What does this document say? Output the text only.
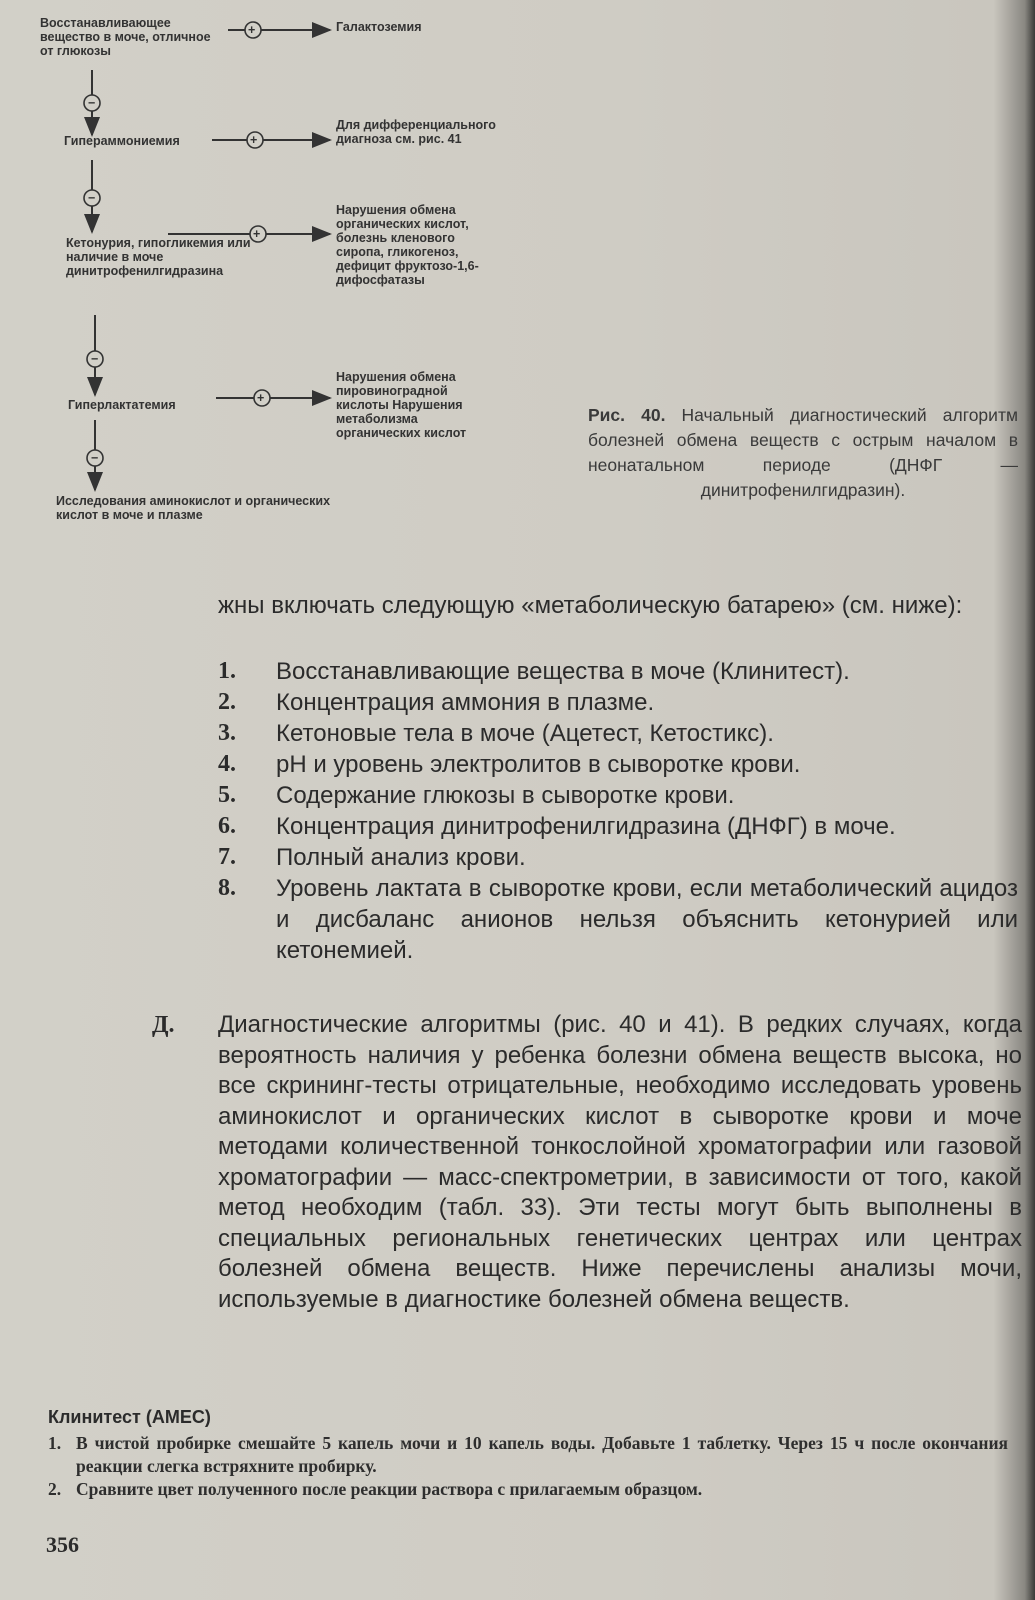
+
+
+
+
−
−
−
−
Восстанавливающее вещество в моче, отличное от глюкозы
Гипераммониемия
Кетонурия, гипогликемия или наличие в моче динитрофенилгидразина
Гиперлактатемия
Исследования аминокислот и органических кислот в моче и плазме
Галактоземия
Для дифференциального диагноза см. рис. 41
Нарушения обмена органических кислот, болезнь кленового сиропа, гликогеноз, дефицит фруктозо-1,6-дифосфатазы
Нарушения обмена пировиноградной кислоты Нарушения метаболизма органических кислот
Рис. 40. Начальный диагностический алгоритм болезней обмена веществ с острым началом в неонатальном периоде (ДНФГ — динитрофенилгидразин).
жны включать следующую «метаболическую батарею» (см. ниже):
1. Восстанавливающие вещества в моче (Клинитест).
2. Концентрация аммония в плазме.
3. Кетоновые тела в моче (Ацетест, Кетостикс).
4. pH и уровень электролитов в сыворотке крови.
5. Содержание глюкозы в сыворотке крови.
6. Концентрация динитрофенилгидразина (ДНФГ) в моче.
7. Полный анализ крови.
8. Уровень лактата в сыворотке крови, если метаболический ацидоз и дисбаланс анионов нельзя объяснить кетонурией или кетонемией.
Д. Диагностические алгоритмы (рис. 40 и 41). В редких случаях, когда вероятность наличия у ребенка болезни обмена веществ высока, но все скрининг-тесты отрицательные, необходимо исследовать уровень аминокислот и органических кислот в сыворотке крови и моче методами количественной тонкослойной хроматографии или газовой хроматографии — масс-спектрометрии, в зависимости от того, какой метод необходим (табл. 33). Эти тесты могут быть выполнены в специальных региональных генетических центрах или центрах болезней обмена веществ. Ниже перечислены анализы мочи, используемые в диагностике болезней обмена веществ.
Клинитест (AMEC)
1. В чистой пробирке смешайте 5 капель мочи и 10 капель воды. Добавьте 1 таблетку. Через 15 ч после окончания реакции слегка встряхните пробирку.
2. Сравните цвет полученного после реакции раствора с прилагаемым образцом.
356
